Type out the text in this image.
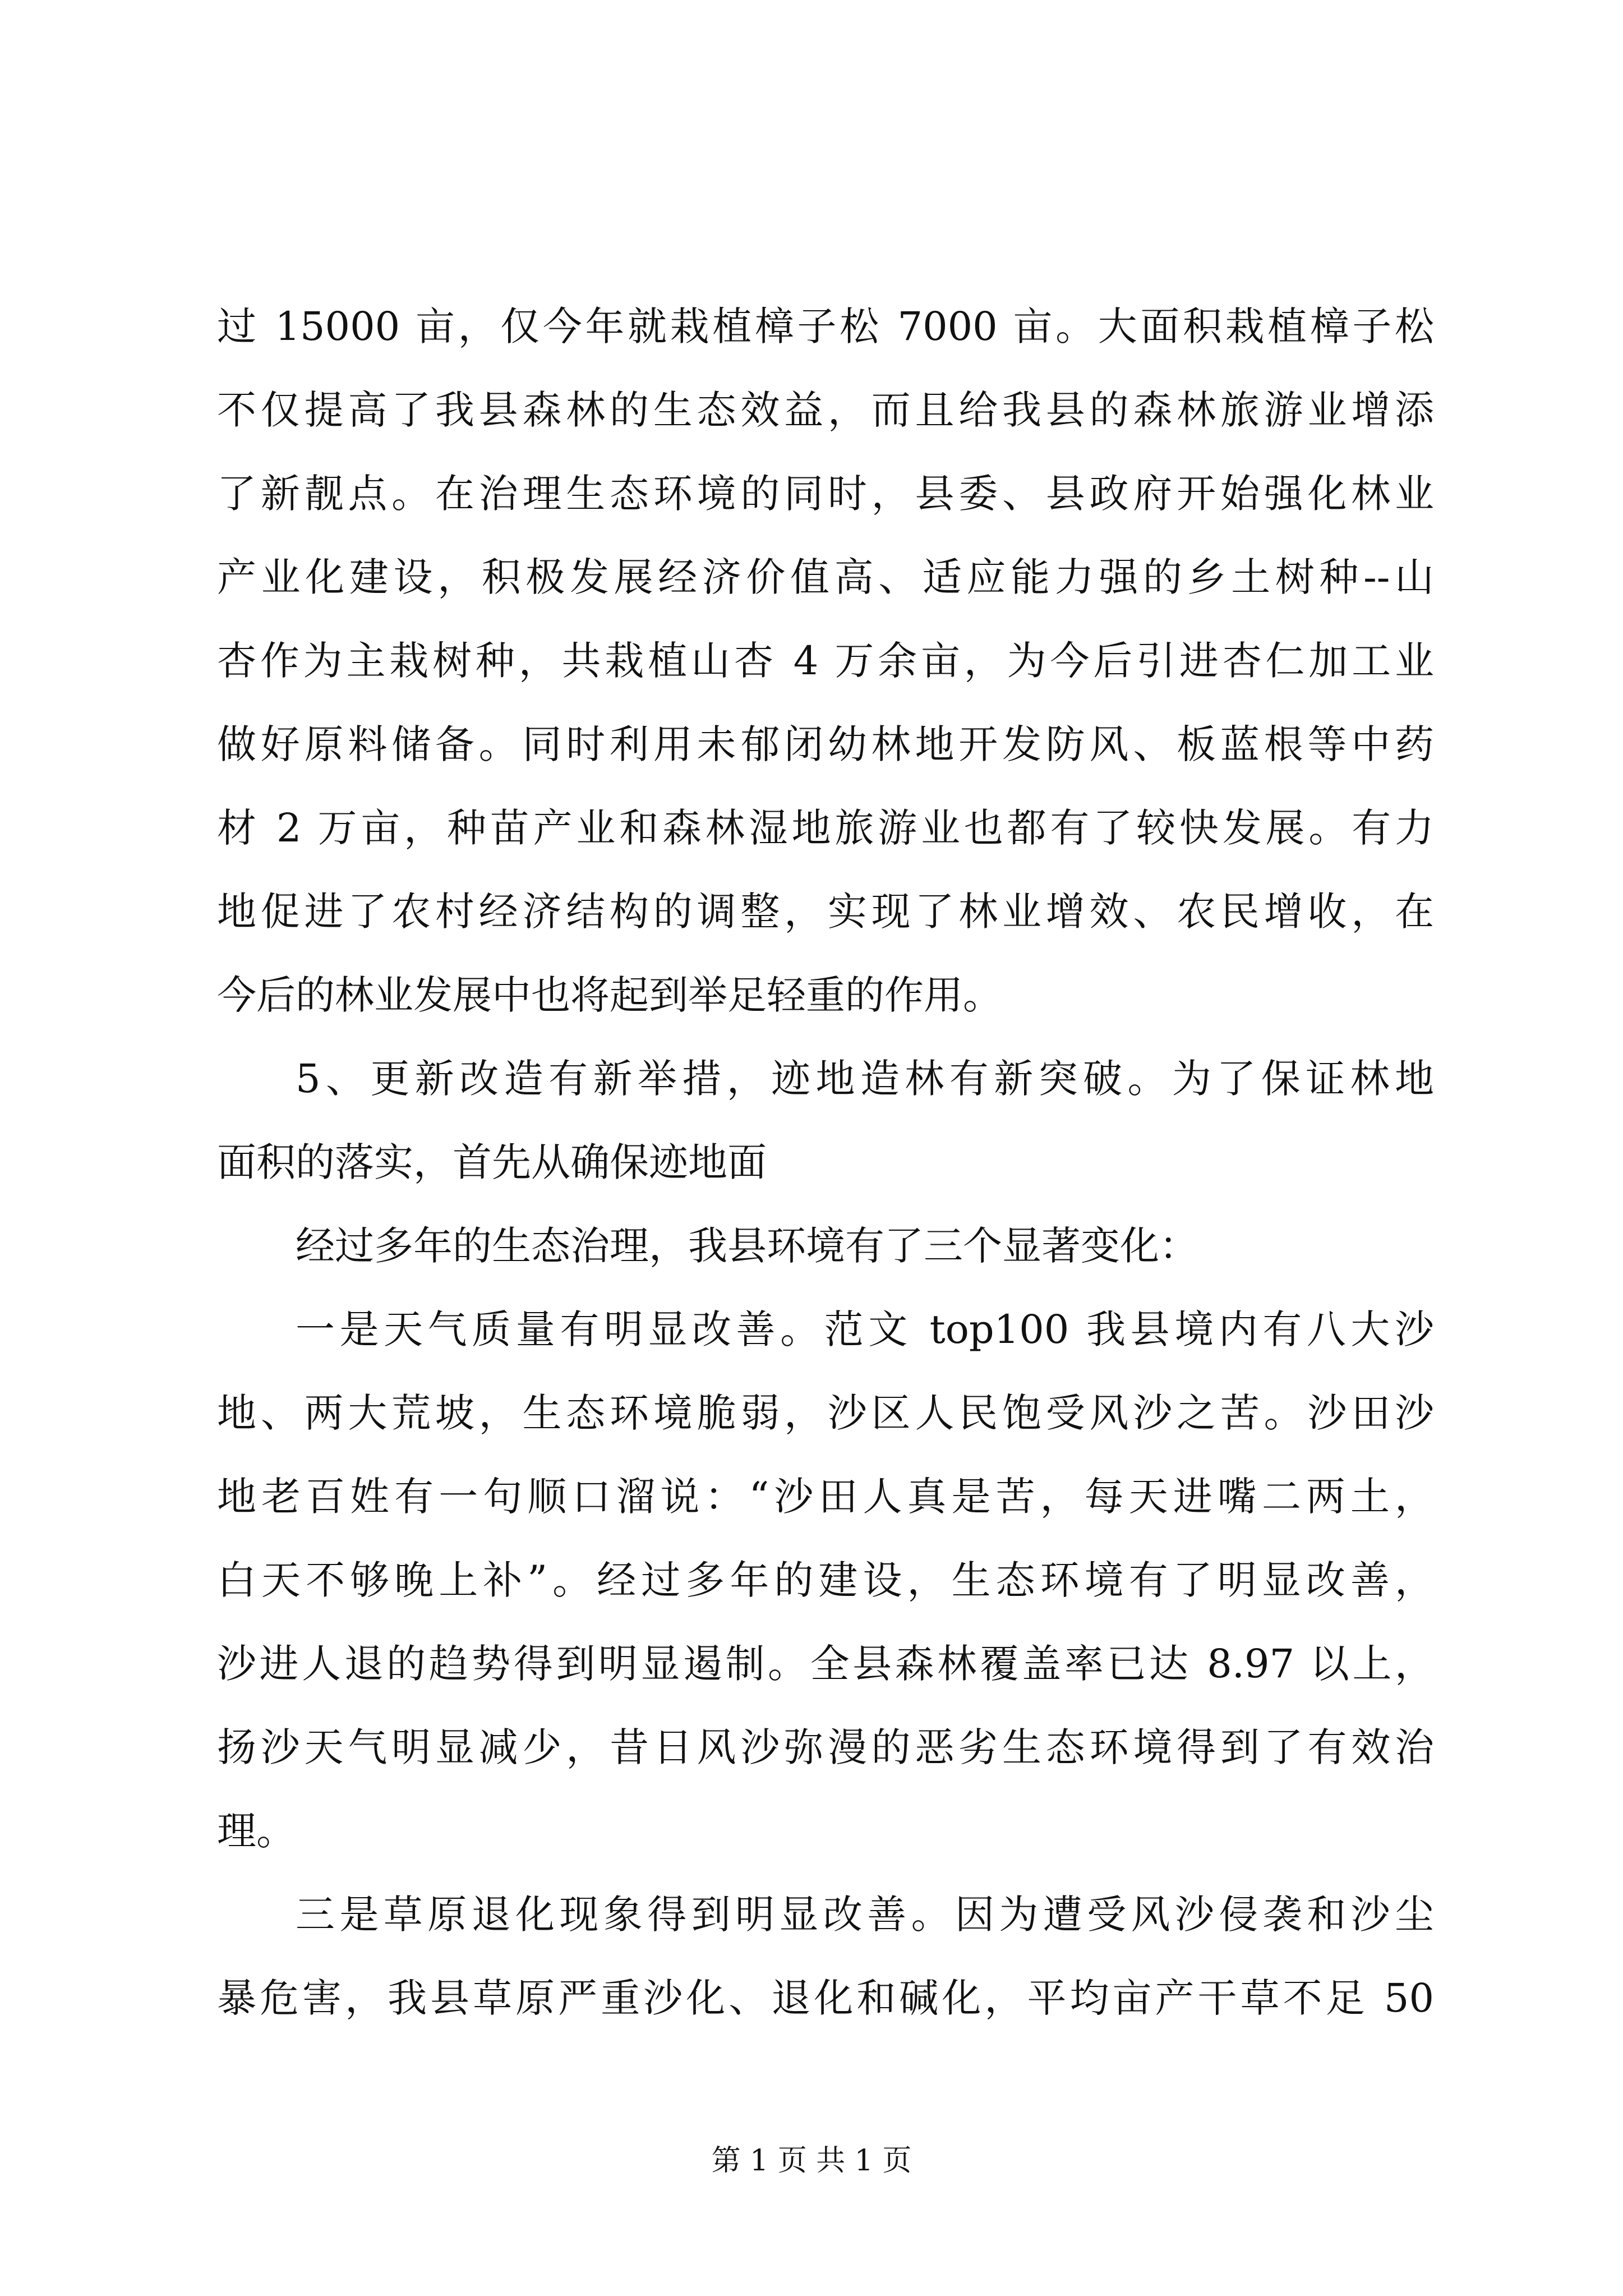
过 15000 亩，仅今年就栽植樟子松 7000 亩。大面积栽植樟子松
不仅提高了我县森林的生态效益，而且给我县的森林旅游业增添
了新靓点。在治理生态环境的同时，县委、县政府开始强化林业
产业化建设，积极发展经济价值高、适应能力强的乡土树种--山
杏作为主栽树种，共栽植山杏 4 万余亩，为今后引进杏仁加工业
做好原料储备。同时利用未郁闭幼林地开发防风、板蓝根等中药
材 2 万亩，种苗产业和森林湿地旅游业也都有了较快发展。有力
地促进了农村经济结构的调整，实现了林业增效、农民增收，在
今后的林业发展中也将起到举足轻重的作用。
5、更新改造有新举措，迹地造林有新突破。为了保证林地
面积的落实，首先从确保迹地面
经过多年的生态治理，我县环境有了三个显著变化：
一是天气质量有明显改善。范文 top100 我县境内有八大沙
地、两大荒坡，生态环境脆弱，沙区人民饱受风沙之苦。沙田沙
地老百姓有一句顺口溜说：“沙田人真是苦，每天进嘴二两土，
白天不够晚上补”。经过多年的建设，生态环境有了明显改善，
沙进人退的趋势得到明显遏制。全县森林覆盖率已达 8.97 以上，
扬沙天气明显减少，昔日风沙弥漫的恶劣生态环境得到了有效治
理。
三是草原退化现象得到明显改善。因为遭受风沙侵袭和沙尘
暴危害，我县草原严重沙化、退化和碱化，平均亩产干草不足 50
第 1 页 共 1 页
